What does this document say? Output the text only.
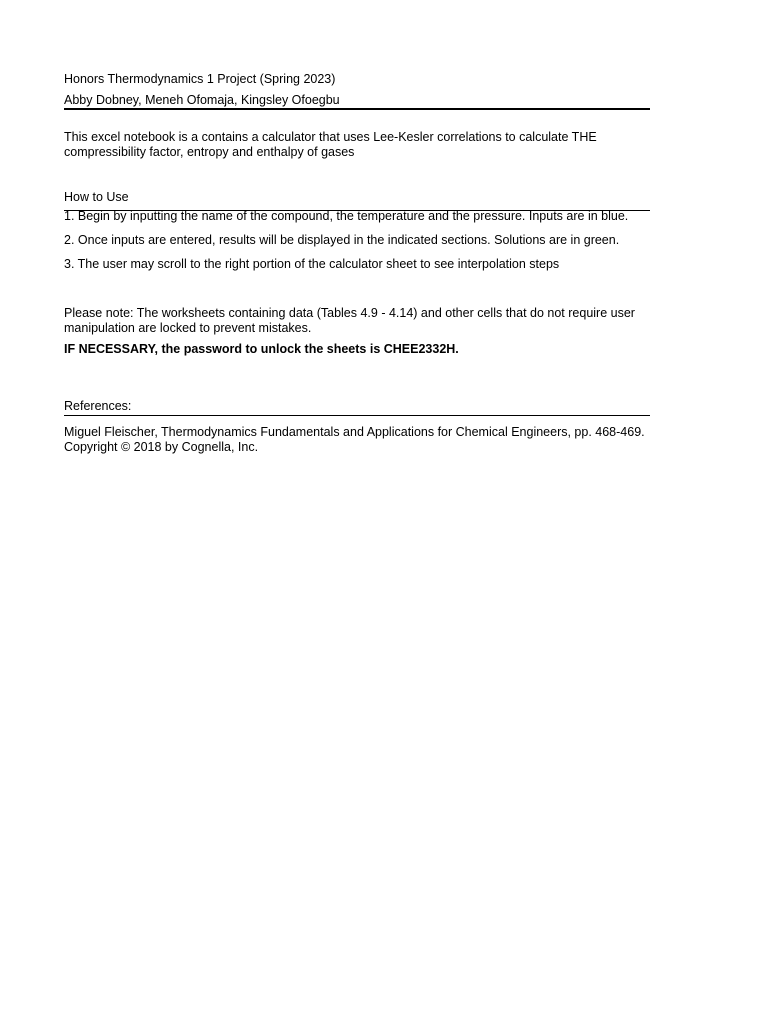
Honors Thermodynamics 1 Project (Spring 2023)
Abby Dobney, Meneh Ofomaja, Kingsley Ofoegbu
This excel notebook is a contains a calculator that uses Lee-Kesler correlations to calculate THE compressibility factor, entropy and enthalpy of gases
How to Use
1. Begin by inputting the name of the compound, the temperature and the pressure. Inputs are in blue.
2. Once inputs are entered, results will be displayed in the indicated sections. Solutions are in green.
3. The user may scroll to the right portion of the calculator sheet to see interpolation steps
Please note: The worksheets containing data (Tables 4.9 - 4.14) and other cells that do not require user manipulation are locked to prevent mistakes.
IF NECESSARY, the password to unlock the sheets is CHEE2332H.
References:
Miguel Fleischer, Thermodynamics Fundamentals and Applications for Chemical Engineers, pp. 468-469. Copyright © 2018 by Cognella, Inc.
